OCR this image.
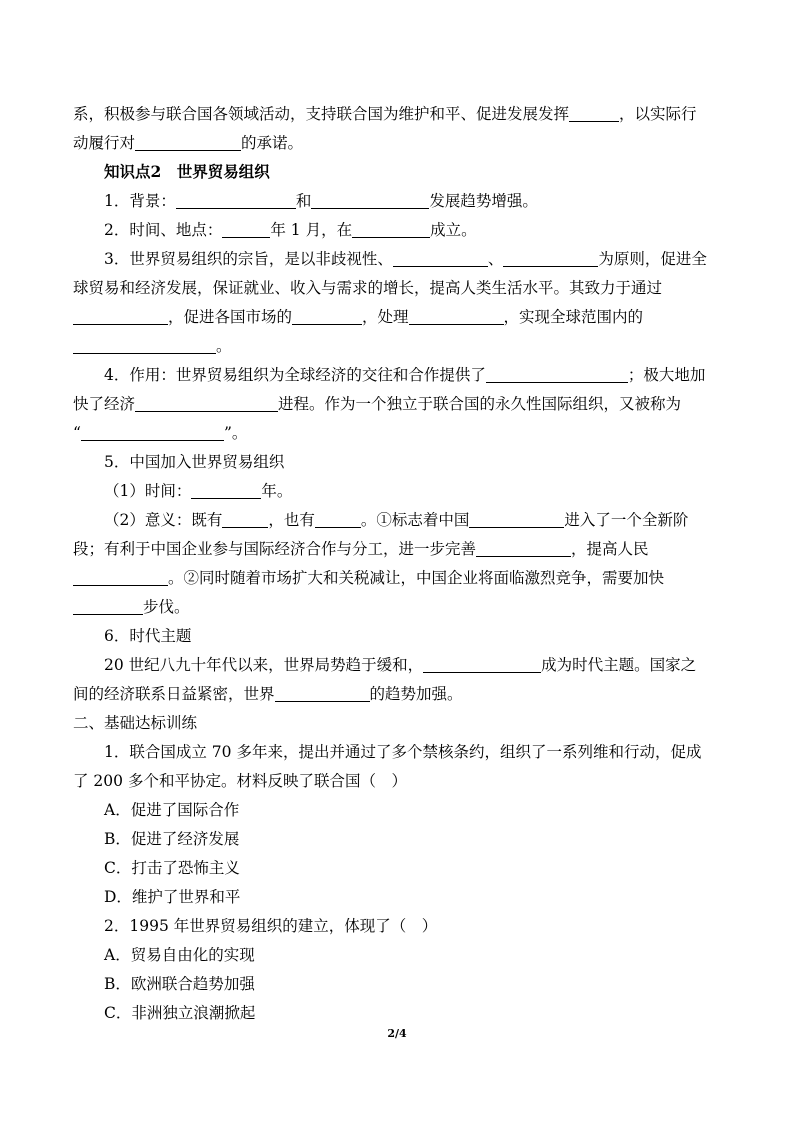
系，积极参与联合国各领域活动，支持联合国为维护和平、促进发展发挥	，以实际行
动履行对	的承诺。
知识点2　世界贸易组织
1．背景：	和	发展趋势增强。
2．时间、地点：	年 1 月，在	成立。
3．世界贸易组织的宗旨，是以非歧视性、	、	为原则，促进全
球贸易和经济发展，保证就业、收入与需求的增长，提高人类生活水平。其致力于通过
，促进各国市场的	，处理	，实现全球范围内的
。
4．作用：世界贸易组织为全球经济的交往和合作提供了	；极大地加
快了经济	进程。作为一个独立于联合国的永久性国际组织，又被称为
“	”。
5．中国加入世界贸易组织
（1）时间：	年。
（2）意义：既有	，也有	。①标志着中国	进入了一个全新阶
段；有利于中国企业参与国际经济合作与分工，进一步完善	，提高人民
。②同时随着市场扩大和关税减让，中国企业将面临激烈竞争，需要加快
步伐。
6．时代主题
20 世纪八九十年代以来，世界局势趋于缓和，	成为时代主题。国家之
间的经济联系日益紧密，世界	的趋势加强。
二、基础达标训练
1．联合国成立 70 多年来，提出并通过了多个禁核条约，组织了一系列维和行动，促成
了 200 多个和平协定。材料反映了联合国（　）
A．促进了国际合作
B．促进了经济发展
C．打击了恐怖主义
D．维护了世界和平
2．1995 年世界贸易组织的建立，体现了（　）
A．贸易自由化的实现
B．欧洲联合趋势加强
C．非洲独立浪潮掀起
2/4
